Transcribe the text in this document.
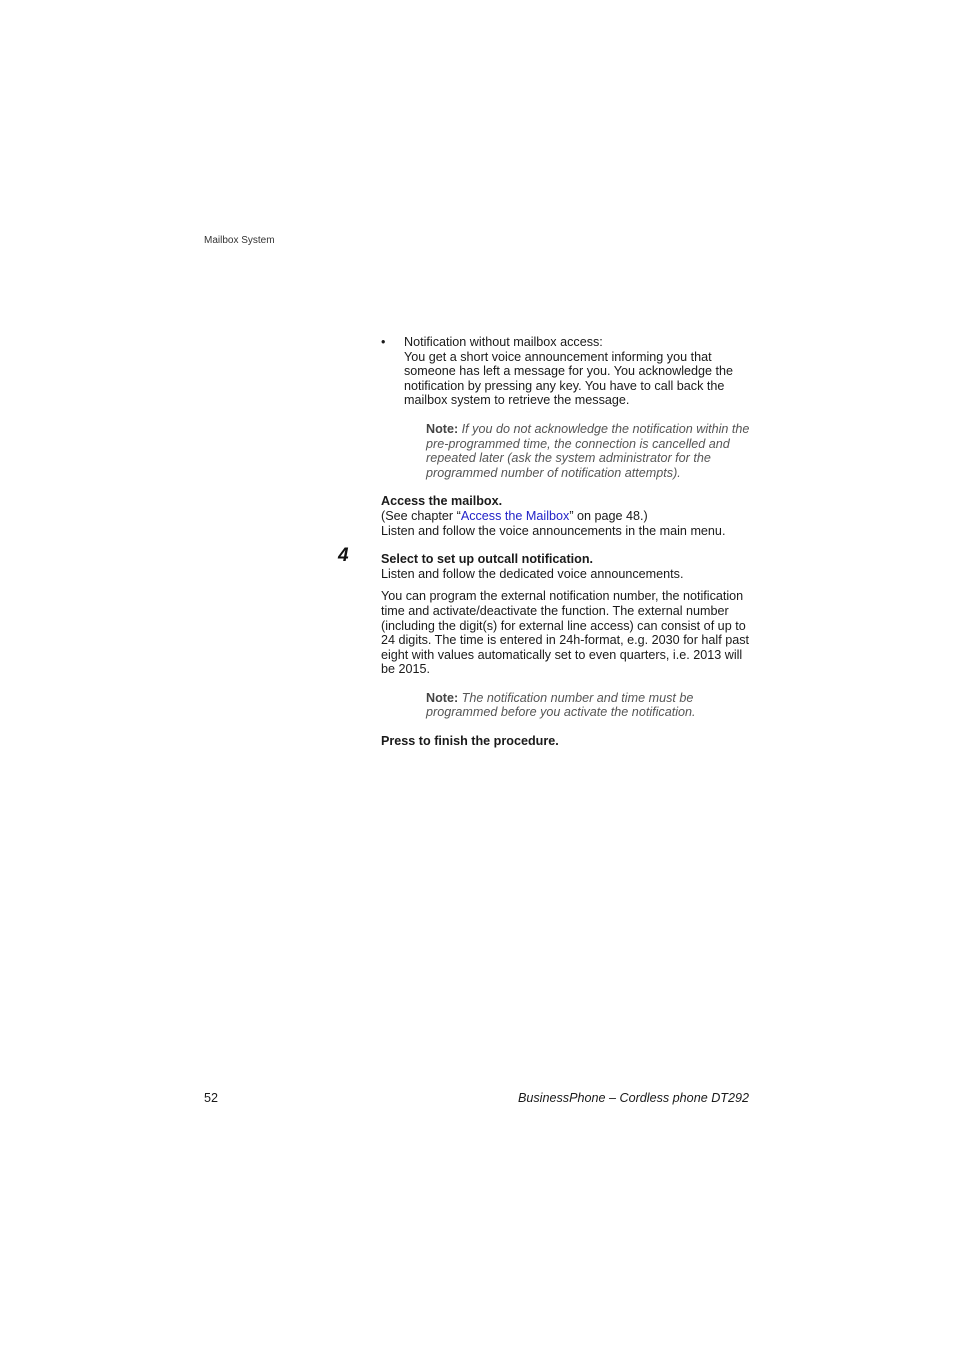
Mailbox System
4
• Notification without mailbox access:

You get a short voice announcement informing you that someone has left a message for you. You acknowledge the notification by pressing any key. You have to call back the mailbox system to retrieve the message.

Note: If you do not acknowledge the notification within the pre-programmed time, the connection is cancelled and repeated later (ask the system administrator for the programmed number of notification attempts).

Access the mailbox.

(See chapter “Access the Mailbox” on page 48.)

Listen and follow the voice announcements in the main menu.

Select to set up outcall notification.

Listen and follow the dedicated voice announcements.

You can program the external notification number, the notification time and activate/deactivate the function. The external number (including the digit(s) for external line access) can consist of up to 24 digits. The time is entered in 24h-format, e.g. 2030 for half past eight with values automatically set to even quarters, i.e. 2013 will be 2015.

Note: The notification number and time must be programmed before you activate the notification.

Press to finish the procedure.

52	BusinessPhone – Cordless phone DT292
